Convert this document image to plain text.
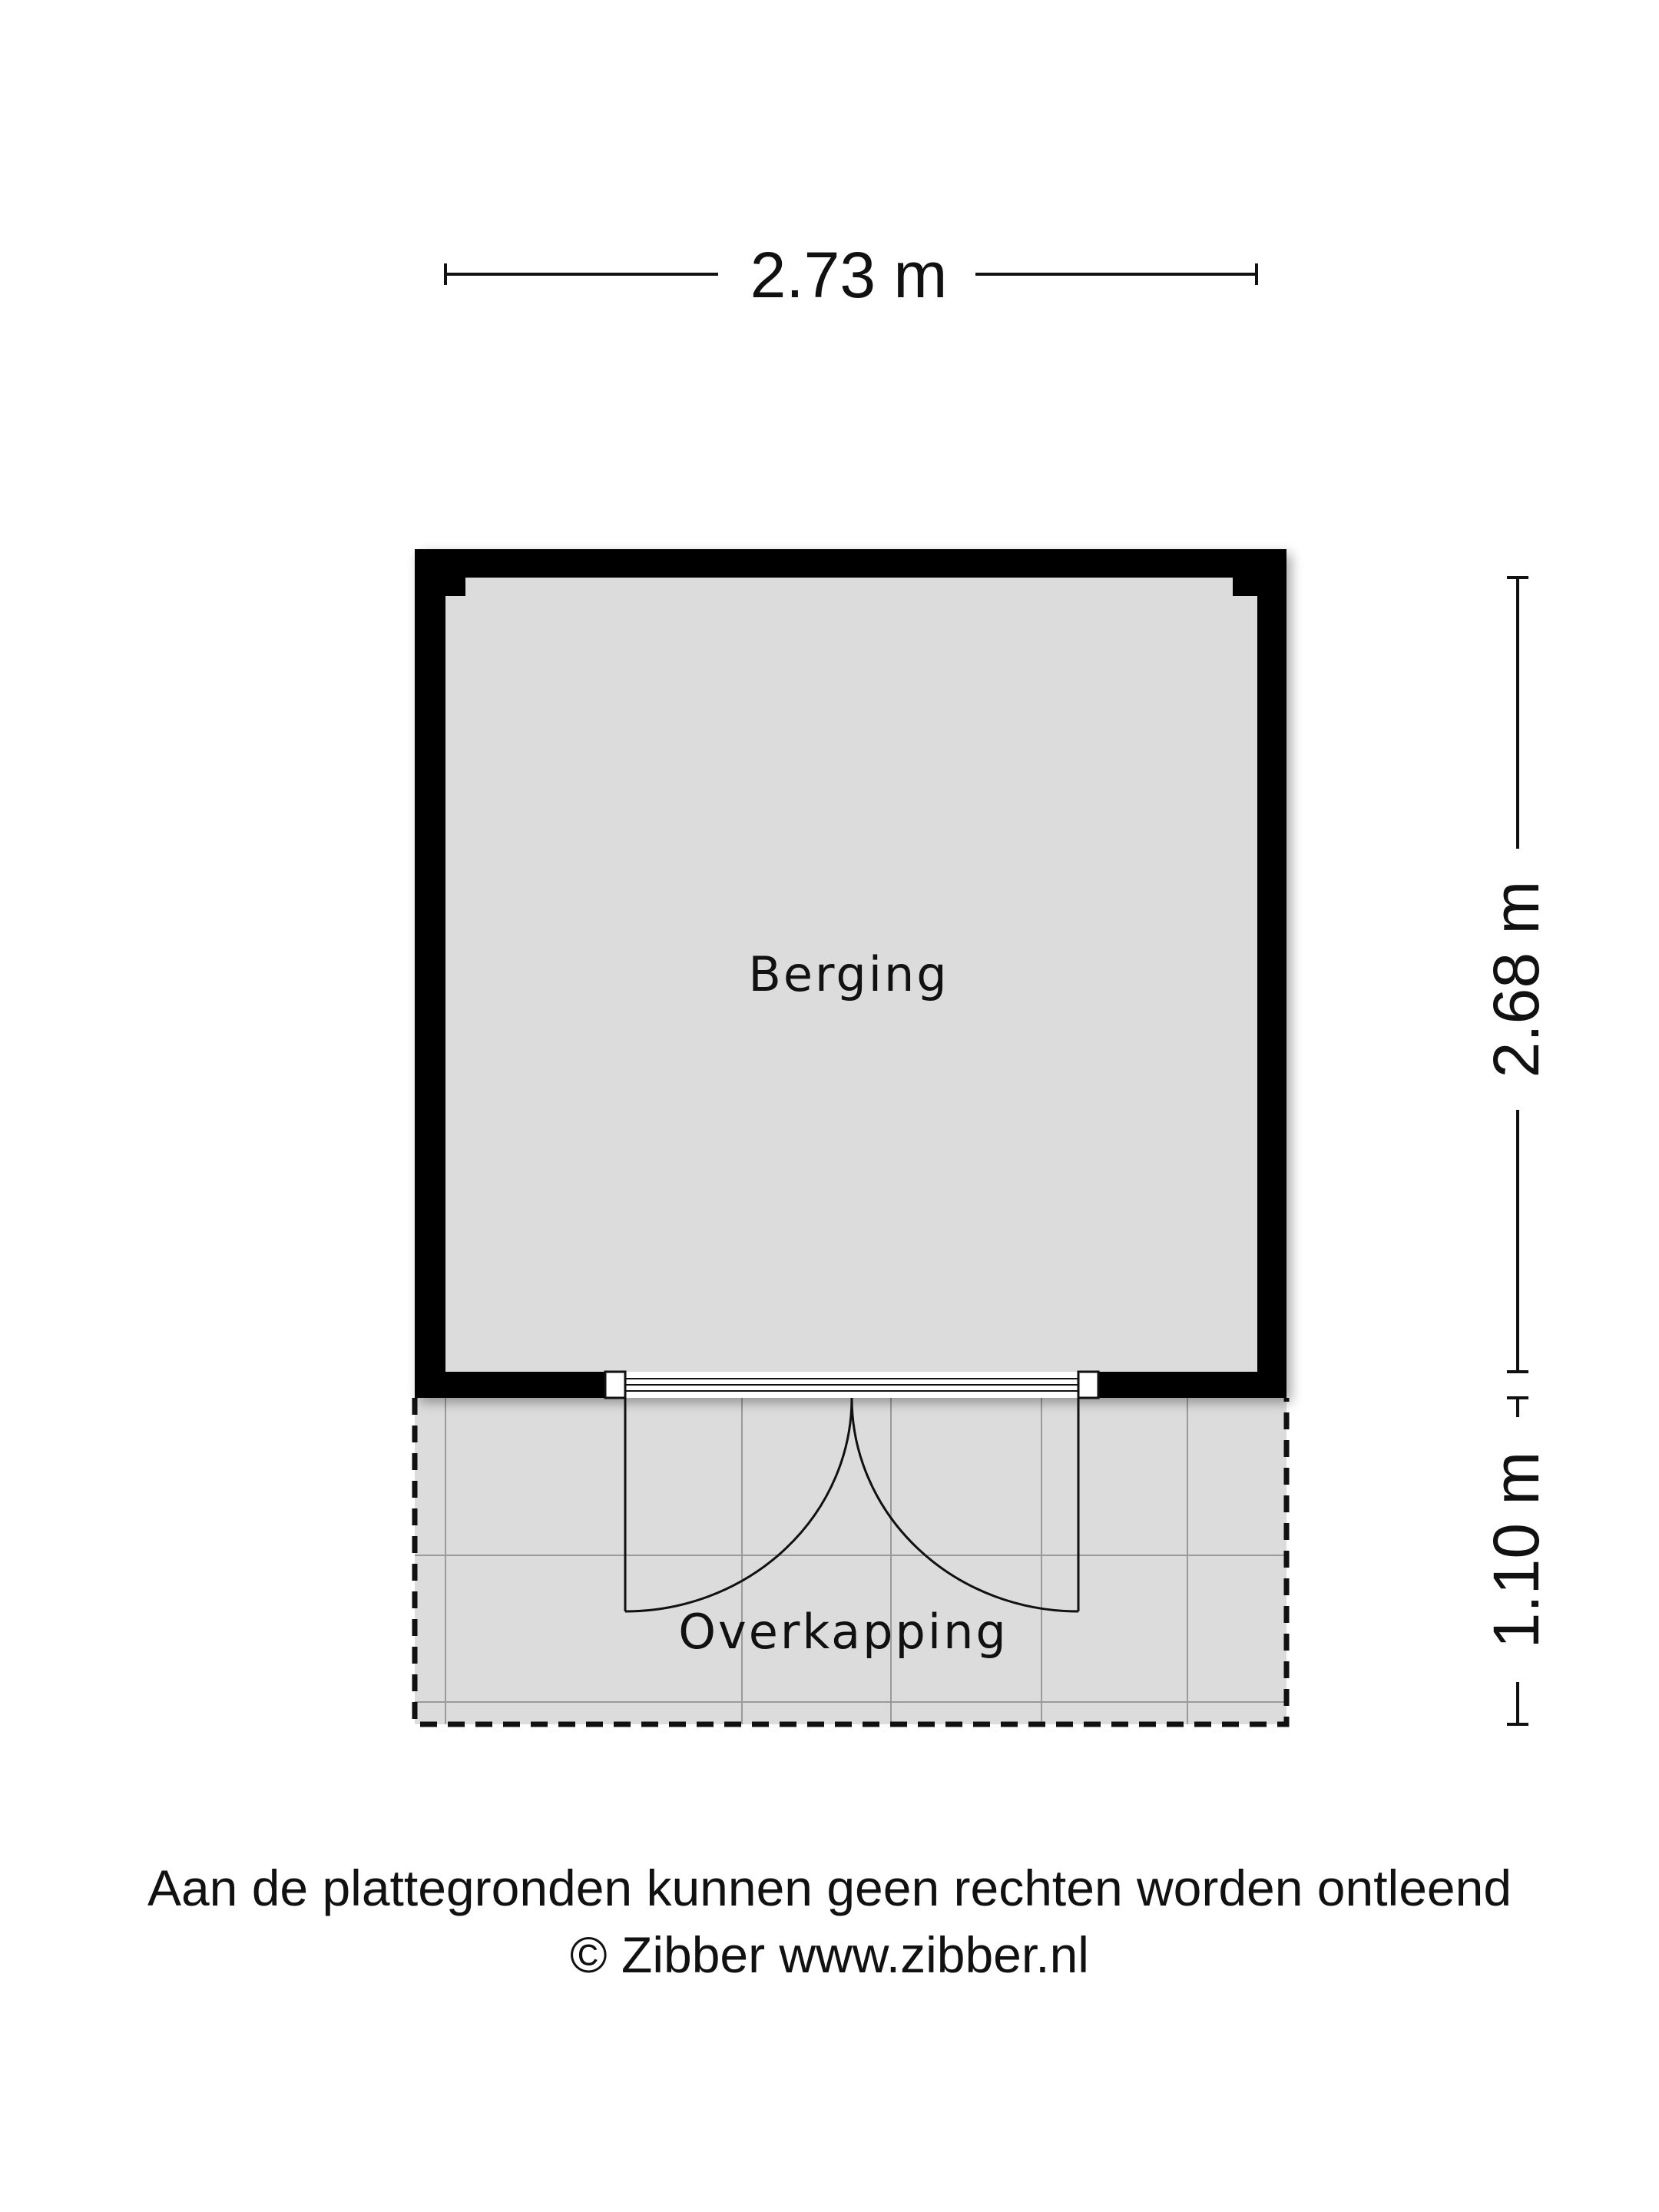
2.73 m
Berging
Overkapping
2.68 m
1.10 m
Aan de plattegronden kunnen geen rechten worden ontleend
© Zibber www.zibber.nl
